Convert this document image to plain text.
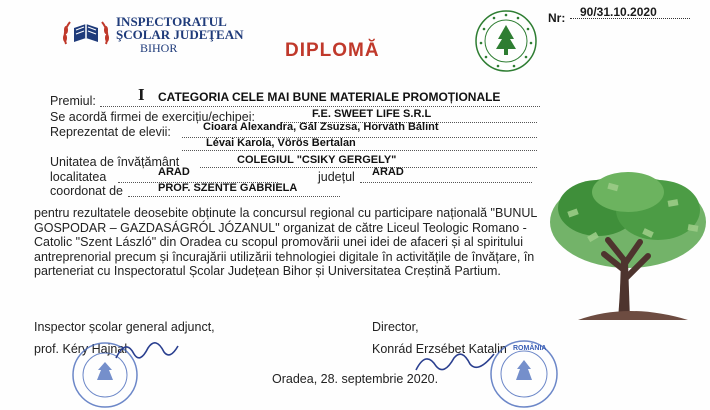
INSPECTORATUL
ŞCOLAR JUDEŢEAN
BIHOR	DIPLOMĂ
Nr: 90/31.10.2020
Premiul: I CATEGORIA CELE MAI BUNE MATERIALE PROMOȚIONALE
Se acordă firmei de exercițiu/echipei:	F.E. SWEET LIFE S.R.L
Reprezentat de elevii:	Cioara Alexandra, Gál Zsuzsa, Horváth Bálint
Lévai Karola, Vörös Bertalan
Unitatea de învățământ	COLEGIUL "CSIKY GERGELY"
localitatea	ARAD	județul ARAD
coordonat de	PROF. SZENTE GABRIELA
pentru rezultatele deosebite obținute la concursul regional cu participare națională "BUNUL GOSPODAR – GAZDASÁGRÓL JÓZANUL" organizat de către Liceul Teologic Romano - Catolic "Szent László" din Oradea cu scopul promovării unei idei de afaceri și al spiritului antreprenorial precum și încurajării utilizării tehnologiei digitale în activitățile de învățare, în parteneriat cu Inspectoratul Școlar Județean Bihor și Universitatea Creștină Partium.
Inspector școlar general adjunct,
prof. Kéry Hajnal
Director,
Konrád Erzsébet Katalin
Oradea, 28. septembrie 2020.
ROMÂNIA
